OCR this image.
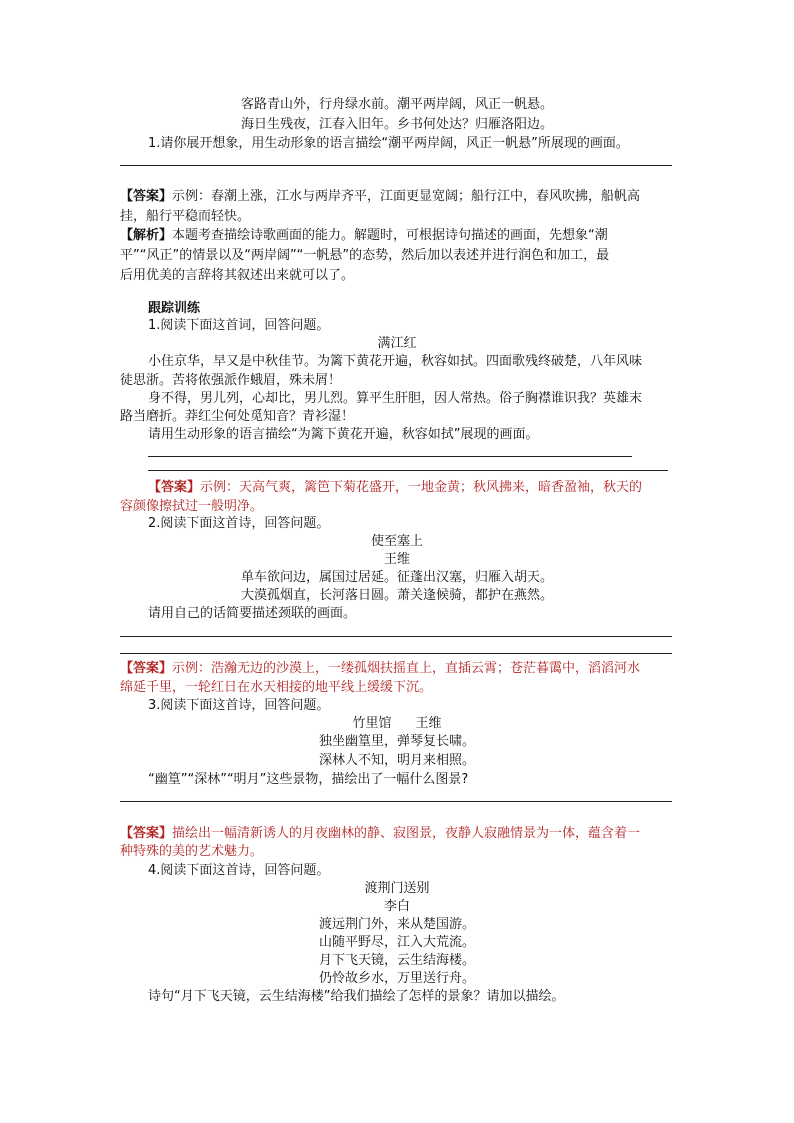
客路青山外，行舟绿水前。潮平两岸阔，风正一帆悬。
海日生残夜，江春入旧年。乡书何处达？归雁洛阳边。
1.请你展开想象，用生动形象的语言描绘“潮平两岸阔，风正一帆悬”所展现的画面。
【答案】示例：春潮上涨，江水与两岸齐平，江面更显宽阔；船行江中，春风吹拂，船帆高
挂，船行平稳而轻快。
【解析】本题考查描绘诗歌画面的能力。解题时，可根据诗句描述的画面，先想象“潮
平”“风正”的情景以及“两岸阔”“一帆悬”的态势，然后加以表述并进行润色和加工，最
后用优美的言辞将其叙述出来就可以了。
跟踪训练
1.阅读下面这首词，回答问题。
满江红
小住京华，早又是中秋佳节。为篱下黄花开遍，秋容如拭。四面歌残终破楚，八年风味
徒思浙。苦将侬强派作蛾眉，殊未屑！
身不得，男儿列，心却比，男儿烈。算平生肝胆，因人常热。俗子胸襟谁识我？英雄末
路当磨折。莽红尘何处觅知音？青衫湿！
请用生动形象的语言描绘“为篱下黄花开遍，秋容如拭”展现的画面。
【答案】示例：天高气爽，篱笆下菊花盛开，一地金黄；秋风拂来，暗香盈袖，秋天的
容颜像擦拭过一般明净。
2.阅读下面这首诗，回答问题。
使至塞上
王维
单车欲问边，属国过居延。征蓬出汉塞，归雁入胡天。
大漠孤烟直，长河落日圆。萧关逢候骑，都护在燕然。
请用自己的话简要描述颈联的画面。
【答案】示例：浩瀚无边的沙漠上，一缕孤烟扶摇直上，直插云霄；苍茫暮霭中，滔滔河水
绵延千里，一轮红日在水天相接的地平线上缓缓下沉。
3.阅读下面这首诗，回答问题。
竹里馆 王维
独坐幽篁里，弹琴复长啸。
深林人不知，明月来相照。
“幽篁”“深林”“明月”这些景物，描绘出了一幅什么图景?
【答案】描绘出一幅清新诱人的月夜幽林的静、寂图景，夜静人寂融情景为一体，蕴含着一
种特殊的美的艺术魅力。
4.阅读下面这首诗，回答问题。
渡荆门送别
李白
渡远荆门外，来从楚国游。
山随平野尽，江入大荒流。
月下飞天镜，云生结海楼。
仍怜故乡水，万里送行舟。
诗句“月下飞天镜，云生结海楼”给我们描绘了怎样的景象？请加以描绘。
